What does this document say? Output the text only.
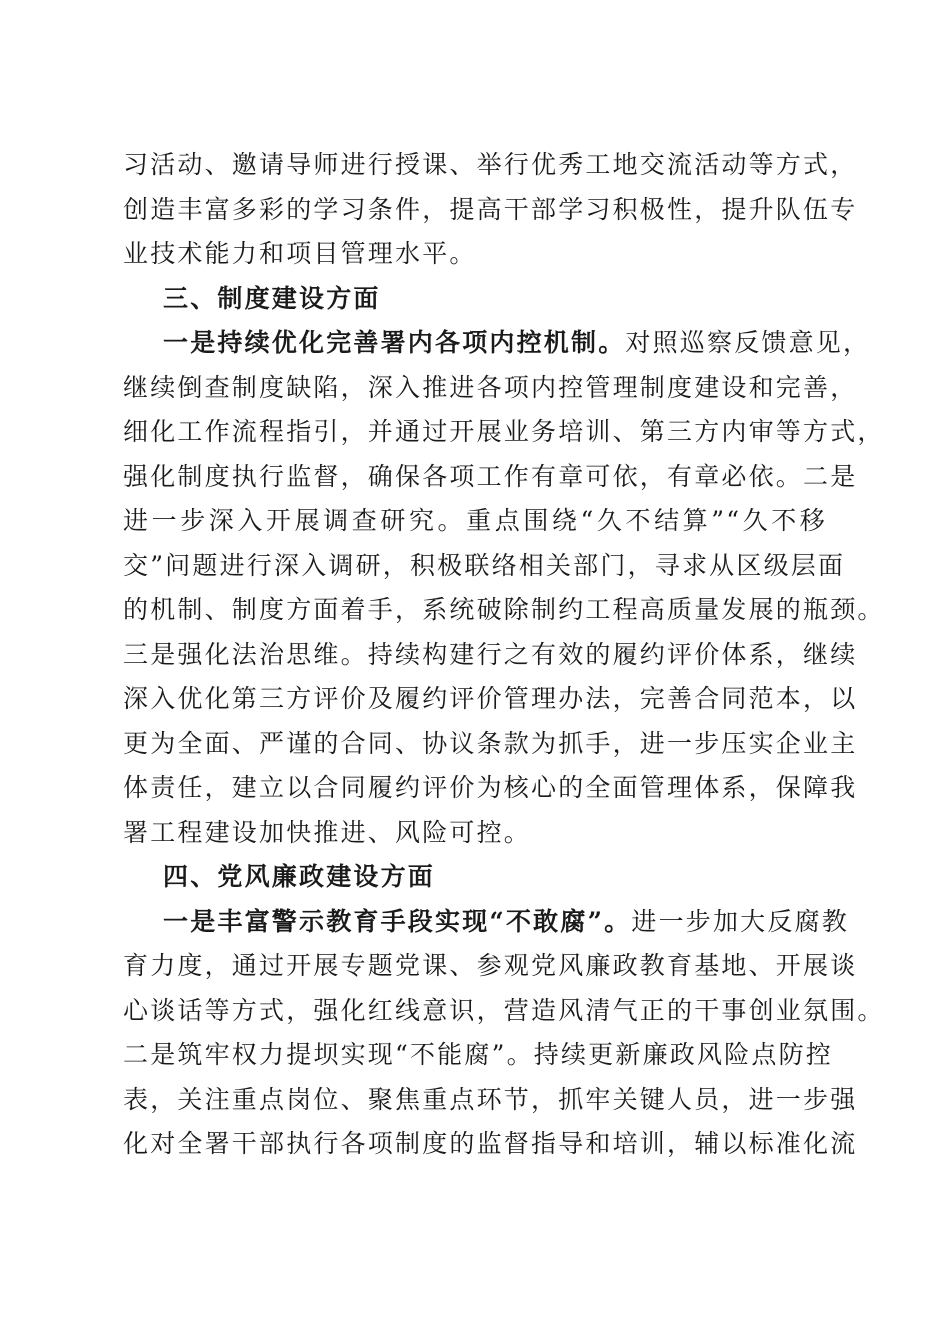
习活动、邀请导师进行授课、举行优秀工地交流活动等方式，
创造丰富多彩的学习条件，提高干部学习积极性，提升队伍专
业技术能力和项目管理水平。
三、制度建设方面
一是持续优化完善署内各项内控机制。对照巡察反馈意见，
继续倒查制度缺陷，深入推进各项内控管理制度建设和完善，
细化工作流程指引，并通过开展业务培训、第三方内审等方式，
强化制度执行监督，确保各项工作有章可依，有章必依。二是
进一步深入开展调查研究。重点围绕“久不结算”“久不移
交”问题进行深入调研，积极联络相关部门，寻求从区级层面
的机制、制度方面着手，系统破除制约工程高质量发展的瓶颈。
三是强化法治思维。持续构建行之有效的履约评价体系，继续
深入优化第三方评价及履约评价管理办法，完善合同范本，以
更为全面、严谨的合同、协议条款为抓手，进一步压实企业主
体责任，建立以合同履约评价为核心的全面管理体系，保障我
署工程建设加快推进、风险可控。
四、党风廉政建设方面
一是丰富警示教育手段实现“不敢腐”。进一步加大反腐教
育力度，通过开展专题党课、参观党风廉政教育基地、开展谈
心谈话等方式，强化红线意识，营造风清气正的干事创业氛围。
二是筑牢权力提坝实现“不能腐”。持续更新廉政风险点防控
表，关注重点岗位、聚焦重点环节，抓牢关键人员，进一步强
化对全署干部执行各项制度的监督指导和培训，辅以标准化流
